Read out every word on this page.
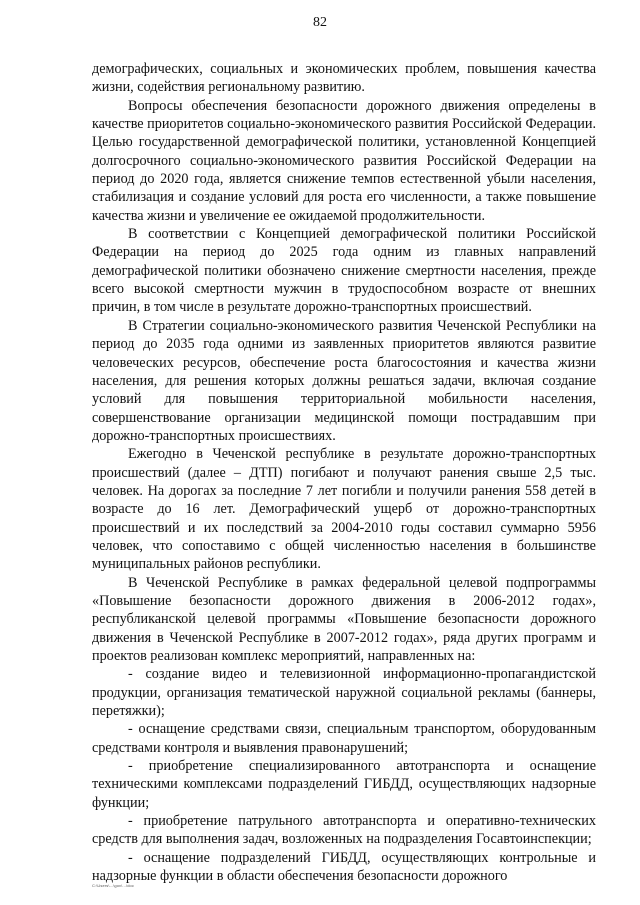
82

демографических, социальных и экономических проблем, повышения качества жизни, содействия региональному развитию.

Вопросы обеспечения безопасности дорожного движения определены в качестве приоритетов социально-экономического развития Российской Федерации. Целью государственной демографической политики, установленной Концепцией долгосрочного социально-экономического развития Российской Федерации на период до 2020 года, является снижение темпов естественной убыли населения, стабилизация и создание условий для роста его численности, а также повышение качества жизни и увеличение ее ожидаемой продолжительности.

В соответствии с Концепцией демографической политики Российской Федерации на период до 2025 года одним из главных направлений демографической политики обозначено снижение смертности населения, прежде всего высокой смертности мужчин в трудоспособном возрасте от внешних причин, в том числе в результате дорожно-транспортных происшествий.

В Стратегии социально-экономического развития Чеченской Республики на период до 2035 года одними из заявленных приоритетов являются развитие человеческих ресурсов, обеспечение роста благосостояния и качества жизни населения, для решения которых должны решаться задачи, включая создание условий для повышения территориальной мобильности населения, совершенствование организации медицинской помощи пострадавшим при дорожно-транспортных происшествиях.

Ежегодно в Чеченской республике в результате дорожно-транспортных происшествий (далее – ДТП) погибают и получают ранения свыше 2,5 тыс. человек. На дорогах за последние 7 лет погибли и получили ранения 558 детей в возрасте до 16 лет. Демографический ущерб от дорожно-транспортных происшествий и их последствий за 2004-2010 годы составил суммарно 5956 человек, что сопоставимо с общей численностью населения в большинстве муниципальных районов республики.

В Чеченской Республике в рамках федеральной целевой подпрограммы «Повышение безопасности дорожного движения в 2006-2012 годах», республиканской целевой программы «Повышение безопасности дорожного движения в Чеченской Республике в 2007-2012 годах», ряда других программ и проектов реализован комплекс мероприятий, направленных на:

- создание видео и телевизионной информационно-пропагандистской продукции, организация тематической наружной социальной рекламы (баннеры, перетяжки);

- оснащение средствами связи, специальным транспортом, оборудованным средствами контроля и выявления правонарушений;

- приобретение специализированного автотранспорта и оснащение техническими комплексами подразделений ГИБДД, осуществляющих надзорные функции;

- приобретение патрульного автотранспорта и оперативно-технических средств для выполнения задач, возложенных на подразделения Госавтоинспекции;

- оснащение подразделений ГИБДД, осуществляющих контрольные и надзорные функции в области обеспечения безопасности дорожного

C:\Users\...\gov\...\doc
